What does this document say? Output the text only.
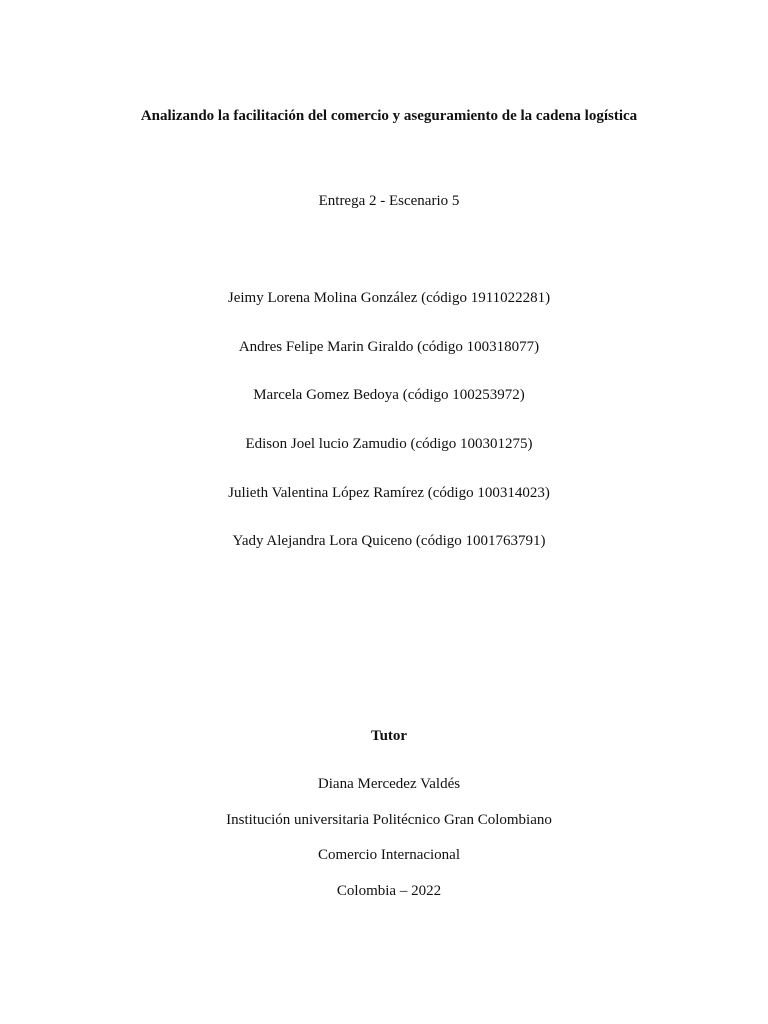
Analizando la facilitación del comercio y aseguramiento de la cadena logística
Entrega 2 - Escenario 5
Jeimy Lorena Molina González (código 1911022281)
Andres Felipe Marin Giraldo (código 100318077)
Marcela Gomez Bedoya (código 100253972)
Edison Joel lucio Zamudio (código 100301275)
Julieth Valentina López Ramírez (código 100314023)
Yady Alejandra Lora Quiceno (código 1001763791)
Tutor
Diana Mercedez Valdés
Institución universitaria Politécnico Gran Colombiano
Comercio Internacional
Colombia – 2022
